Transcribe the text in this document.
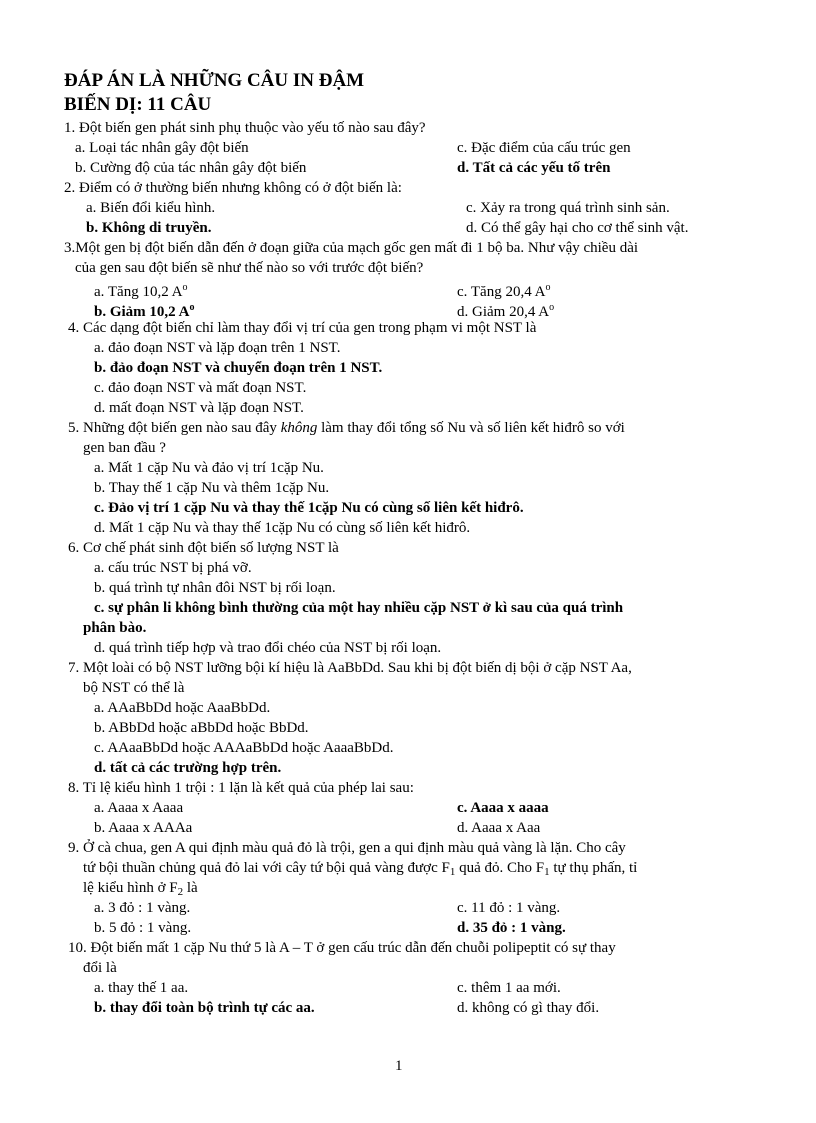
ĐÁP ÁN LÀ NHỮNG CÂU IN ĐẬM
BIẾN DỊ: 11 CÂU
1. Đột biến gen phát sinh phụ thuộc vào yếu tố nào sau đây?
a. Loại tác nhân gây đột biến	c. Đặc điểm của cấu trúc gen
b. Cường độ của tác nhân gây đột biến	d. Tất cả các yếu tố trên
2. Điểm có ở thường biến nhưng không có ở đột biến là:
a. Biến đổi kiểu hình.	c. Xảy ra trong quá trình sinh sản.
b. Không di truyền.	d. Có thể gây hại cho cơ thể sinh vật.
3.Một gen bị đột biến dẫn đến ở đoạn giữa của mạch gốc gen mất đi 1 bộ ba. Như vậy chiều dài
của gen sau đột biến sẽ như thế nào so với trước đột biến?
a. Tăng 10,2 $A^o$	c. Tăng 20,4 $A^o$
b. Giảm 10,2 $A^o$	d. Giảm 20,4 $A^o$
4. Các dạng đột biến chỉ làm thay đổi vị trí của gen trong phạm vi một NST là
a. đảo đoạn NST và lặp đoạn trên 1 NST.
b. đảo đoạn NST và chuyển đoạn trên 1 NST.
c. đảo đoạn NST và mất đoạn NST.
d. mất đoạn NST và lặp đoạn NST.
5. Những đột biến gen nào sau đây không làm thay đổi tổng số Nu và số liên kết hiđrô so với
gen ban đầu ?
a. Mất 1 cặp Nu và đảo vị trí 1cặp Nu.
b. Thay thế 1 cặp Nu và thêm 1cặp Nu.
c. Đảo vị trí 1 cặp Nu và thay thế 1cặp Nu có cùng số liên kết hiđrô.
d. Mất 1 cặp Nu và thay thế 1cặp Nu có cùng số liên kết hiđrô.
6. Cơ chế phát sinh đột biến số lượng NST là
a. cấu trúc NST bị phá vỡ.
b. quá trình tự nhân đôi NST bị rối loạn.
c. sự phân li không bình thường của một hay nhiều cặp NST ở kì sau của quá trình
phân bào.
d. quá trình tiếp hợp và trao đổi chéo của NST bị rối loạn.
7. Một loài có bộ NST lưỡng bội kí hiệu là AaBbDd. Sau khi bị đột biến dị bội ở cặp NST Aa,
bộ NST có thể là
a. AAaBbDd hoặc AaaBbDd.
b. ABbDd hoặc aBbDd hoặc BbDd.
c. AAaaBbDd hoặc AAAaBbDd hoặc AaaaBbDd.
d. tất cả các trường hợp trên.
8. Tỉ lệ kiểu hình 1 trội : 1 lặn là kết quả của phép lai sau:
a. Aaaa x Aaaa	c. Aaaa x aaaa
b. Aaaa x AAAa	d. Aaaa x Aaa
9. Ở cà chua, gen A qui định màu quả đỏ là trội, gen a qui định màu quả vàng là lặn. Cho cây
tứ bội thuần chủng quả đỏ lai với cây tứ bội quả vàng được $F_1$ quả đỏ. Cho $F_1$ tự thụ phấn, tỉ
lệ kiểu hình ở $F_2$ là
a. 3 đỏ : 1 vàng.	c. 11 đỏ : 1 vàng.
b. 5 đỏ : 1 vàng.	d. 35 đỏ : 1 vàng.
10. Đột biến mất 1 cặp Nu thứ 5 là A – T ở gen cấu trúc dẫn đến chuỗi polipeptit có sự thay
đổi là
a. thay thế 1 aa.	c. thêm 1 aa mới.
b. thay đổi toàn bộ trình tự các aa.	d. không có gì thay đổi.
1
